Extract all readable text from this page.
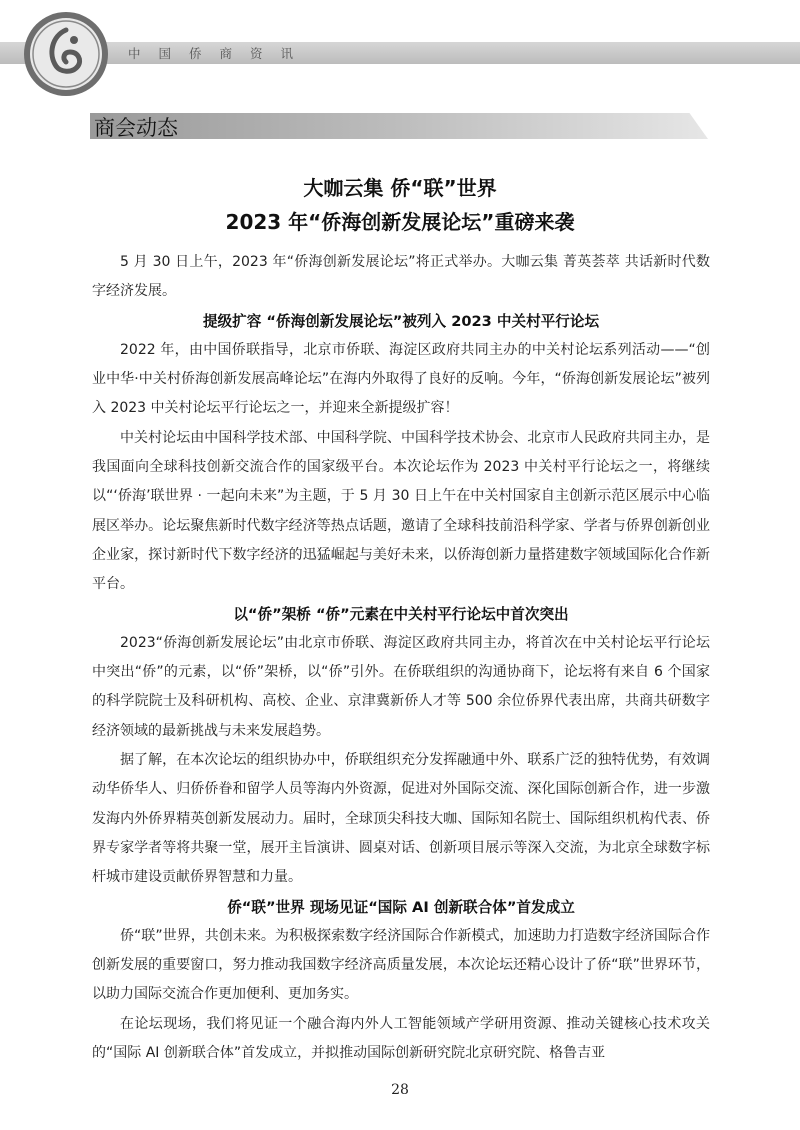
中国侨商资讯
商会动态
大咖云集 侨“联”世界
2023 年“侨海创新发展论坛”重磅来袭

5 月 30 日上午，2023 年“侨海创新发展论坛”将正式举办。大咖云集 菁英荟萃 共话新时代数字经济发展。

提级扩容 “侨海创新发展论坛”被列入 2023 中关村平行论坛

2022 年，由中国侨联指导，北京市侨联、海淀区政府共同主办的中关村论坛系列活动——“创业中华·中关村侨海创新发展高峰论坛”在海内外取得了良好的反响。今年，“侨海创新发展论坛”被列入 2023 中关村论坛平行论坛之一，并迎来全新提级扩容！

中关村论坛由中国科学技术部、中国科学院、中国科学技术协会、北京市人民政府共同主办，是我国面向全球科技创新交流合作的国家级平台。本次论坛作为 2023 中关村平行论坛之一，将继续以“‘侨海’联世界 · 一起向未来”为主题，于 5 月 30 日上午在中关村国家自主创新示范区展示中心临展区举办。论坛聚焦新时代数字经济等热点话题，邀请了全球科技前沿科学家、学者与侨界创新创业企业家，探讨新时代下数字经济的迅猛崛起与美好未来，以侨海创新力量搭建数字领域国际化合作新平台。

以“侨”架桥 “侨”元素在中关村平行论坛中首次突出

2023“侨海创新发展论坛”由北京市侨联、海淀区政府共同主办，将首次在中关村论坛平行论坛中突出“侨”的元素，以“侨”架桥，以“侨”引外。在侨联组织的沟通协商下，论坛将有来自 6 个国家的科学院院士及科研机构、高校、企业、京津冀新侨人才等 500 余位侨界代表出席，共商共研数字经济领域的最新挑战与未来发展趋势。

据了解，在本次论坛的组织协办中，侨联组织充分发挥融通中外、联系广泛的独特优势，有效调动华侨华人、归侨侨眷和留学人员等海内外资源，促进对外国际交流、深化国际创新合作，进一步激发海内外侨界精英创新发展动力。届时，全球顶尖科技大咖、国际知名院士、国际组织机构代表、侨界专家学者等将共聚一堂，展开主旨演讲、圆桌对话、创新项目展示等深入交流，为北京全球数字标杆城市建设贡献侨界智慧和力量。

侨“联”世界 现场见证“国际 AI 创新联合体”首发成立

侨“联”世界，共创未来。为积极探索数字经济国际合作新模式，加速助力打造数字经济国际合作创新发展的重要窗口，努力推动我国数字经济高质量发展，本次论坛还精心设计了侨“联”世界环节，以助力国际交流合作更加便利、更加务实。

在论坛现场，我们将见证一个融合海内外人工智能领域产学研用资源、推动关键核心技术攻关的“国际 AI 创新联合体”首发成立，并拟推动国际创新研究院北京研究院、格鲁吉亚

28
